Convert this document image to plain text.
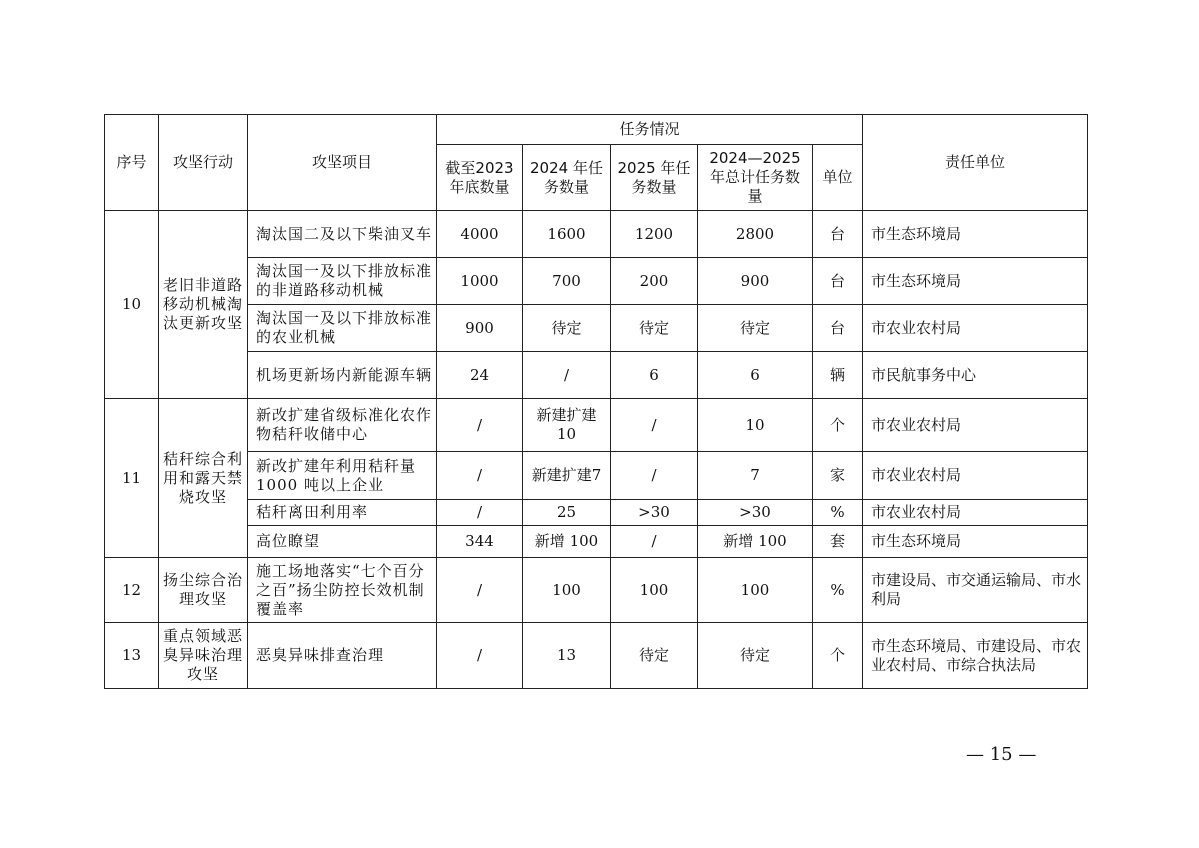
序号	攻坚行动	攻坚项目	任务情况					责任单位
			截至2023年底数量	2024 年任务数量	2025 年任务数量	2024—2025年总计任务数量	单位	
10	老旧非道路移动机械淘汰更新攻坚	淘汰国二及以下柴油叉车	4000	1600	1200	2800	台	市生态环境局
		淘汰国一及以下排放标准的非道路移动机械	1000	700	200	900	台	市生态环境局
		淘汰国一及以下排放标准的农业机械	900	待定	待定	待定	台	市农业农村局
		机场更新场内新能源车辆	24	/	6	6	辆	市民航事务中心
11	秸秆综合利用和露天禁烧攻坚	新改扩建省级标准化农作物秸秆收储中心	/	新建扩建10	/	10	个	市农业农村局
		新改扩建年利用秸秆量1000 吨以上企业	/	新建扩建7	/	7	家	市农业农村局
		秸秆离田利用率	/	25	>30	>30	%	市农业农村局
		高位瞭望	344	新增 100	/	新增 100	套	市生态环境局
12	扬尘综合治理攻坚	施工场地落实“七个百分之百”扬尘防控长效机制覆盖率	/	100	100	100	%	市建设局、市交通运输局、市水利局
13	重点领域恶臭异味治理攻坚	恶臭异味排查治理	/	13	待定	待定	个	市生态环境局、市建设局、市农业农村局、市综合执法局
— 15 —
